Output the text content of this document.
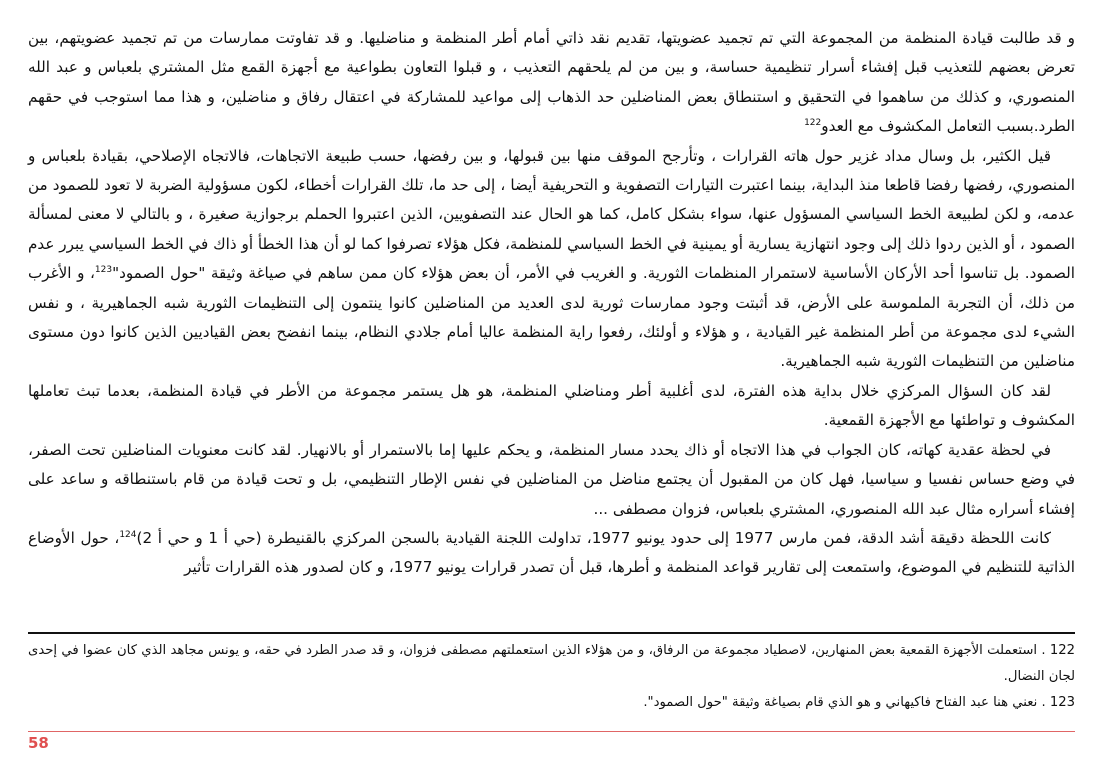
و قد طالبت قيادة المنظمة من المجموعة التي تم تجميد عضويتها، تقديم نقد ذاتي أمام أطر المنظمة و مناضليها. و قد تفاوتت ممارسات من تم تجميد عضويتهم، بين تعرض بعضهم للتعذيب قبل إفشاء أسرار تنظيمية حساسة، و بين من لم يلحقهم التعذيب ، و قبلوا التعاون بطواعية مع أجهزة القمع مثل المشتري بلعباس و عبد الله المنصوري، و كذلك من ساهموا في التحقيق و استنطاق بعض المناضلين حد الذهاب إلى مواعيد للمشاركة في اعتقال رفاق و مناضلين، و هذا مما استوجب في حقهم الطرد.بسبب التعامل المكشوف مع العدو$^{122}$

قيل الكثير، بل وسال مداد غزير حول هاته القرارات ، وتأرجح الموقف منها بين قبولها، و بين رفضها، حسب طبيعة الاتجاهات، فالاتجاه الإصلاحي، بقيادة بلعباس و المنصوري، رفضها رفضا قاطعا منذ البداية، بينما اعتبرت التيارات التصفوية و التحريفية أيضا ، إلى حد ما، تلك القرارات أخطاء، لكون مسؤولية الضربة لا تعود للصمود من عدمه، و لكن لطبيعة الخط السياسي المسؤول عنها، سواء بشكل كامل، كما هو الحال عند التصفويين، الذين اعتبروا الحملم برجوازية صغيرة ، و بالتالي لا معنى لمسألة الصمود ، أو الذين ردوا ذلك إلى وجود انتهازية يسارية أو يمينية في الخط السياسي للمنظمة، فكل هؤلاء تصرفوا كما لو أن هذا الخطأ أو ذاك في الخط السياسي يبرر عدم الصمود. بل تناسوا أحد الأركان الأساسية لاستمرار المنظمات الثورية. و الغريب في الأمر، أن بعض هؤلاء كان ممن ساهم في صياغة وثيقة "حول الصمود"$^{123}$، و الأغرب من ذلك، أن التجربة الملموسة على الأرض، قد أثبتت وجود ممارسات ثورية لدى العديد من المناضلين كانوا ينتمون إلى التنظيمات الثورية شبه الجماهيرية ، و نفس الشيء لدى مجموعة من أطر المنظمة غير القيادية ، و هؤلاء و أولئك، رفعوا راية المنظمة عاليا أمام جلادي النظام، بينما انفضح بعض القياديين الذين كانوا دون مستوى مناضلين من التنظيمات الثورية شبه الجماهيرية.

لقد كان السؤال المركزي خلال بداية هذه الفترة، لدى أغلبية أطر ومناضلي المنظمة، هو هل يستمر مجموعة من الأطر في قيادة المنظمة، بعدما تبث تعاملها المكشوف و تواطئها مع الأجهزة القمعية.

في لحظة عقدية كهاته، كان الجواب في هذا الاتجاه أو ذاك يحدد مسار المنظمة، و يحكم عليها إما بالاستمرار أو بالانهيار. لقد كانت معنويات المناضلين تحت الصفر، في وضع حساس نفسيا و سياسيا، فهل كان من المقبول أن يجتمع مناضل من المناضلين في نفس الإطار التنظيمي، بل و تحت قيادة من قام باستنطاقه و ساعد على إفشاء أسراره مثال عبد الله المنصوري، المشتري بلعباس، فزوان مصطفى ...

كانت اللحظة دقيقة أشد الدقة، فمن مارس 1977 إلى حدود يونيو 1977، تداولت اللجنة القيادية بالسجن المركزي بالقنيطرة (حي أ 1 و حي أ 2)$^{124}$، حول الأوضاع الذاتية للتنظيم في الموضوع، واستمعت إلى تقارير قواعد المنظمة و أطرها، قبل أن تصدر قرارات يونيو 1977، و كان لصدور هذه القرارات تأثير

122 . استعملت الأجهزة القمعية بعض المنهارين، لاصطياد مجموعة من الرفاق، و من هؤلاء الذين استعملتهم مصطفى فزوان، و قد صدر الطرد في حقه، و يونس مجاهد الذي كان عضوا في إحدى لجان النضال.

123 . نعني هنا عبد الفتاح فاكيهاني و هو الذي قام بصياغة وثيقة "حول الصمود".

58
